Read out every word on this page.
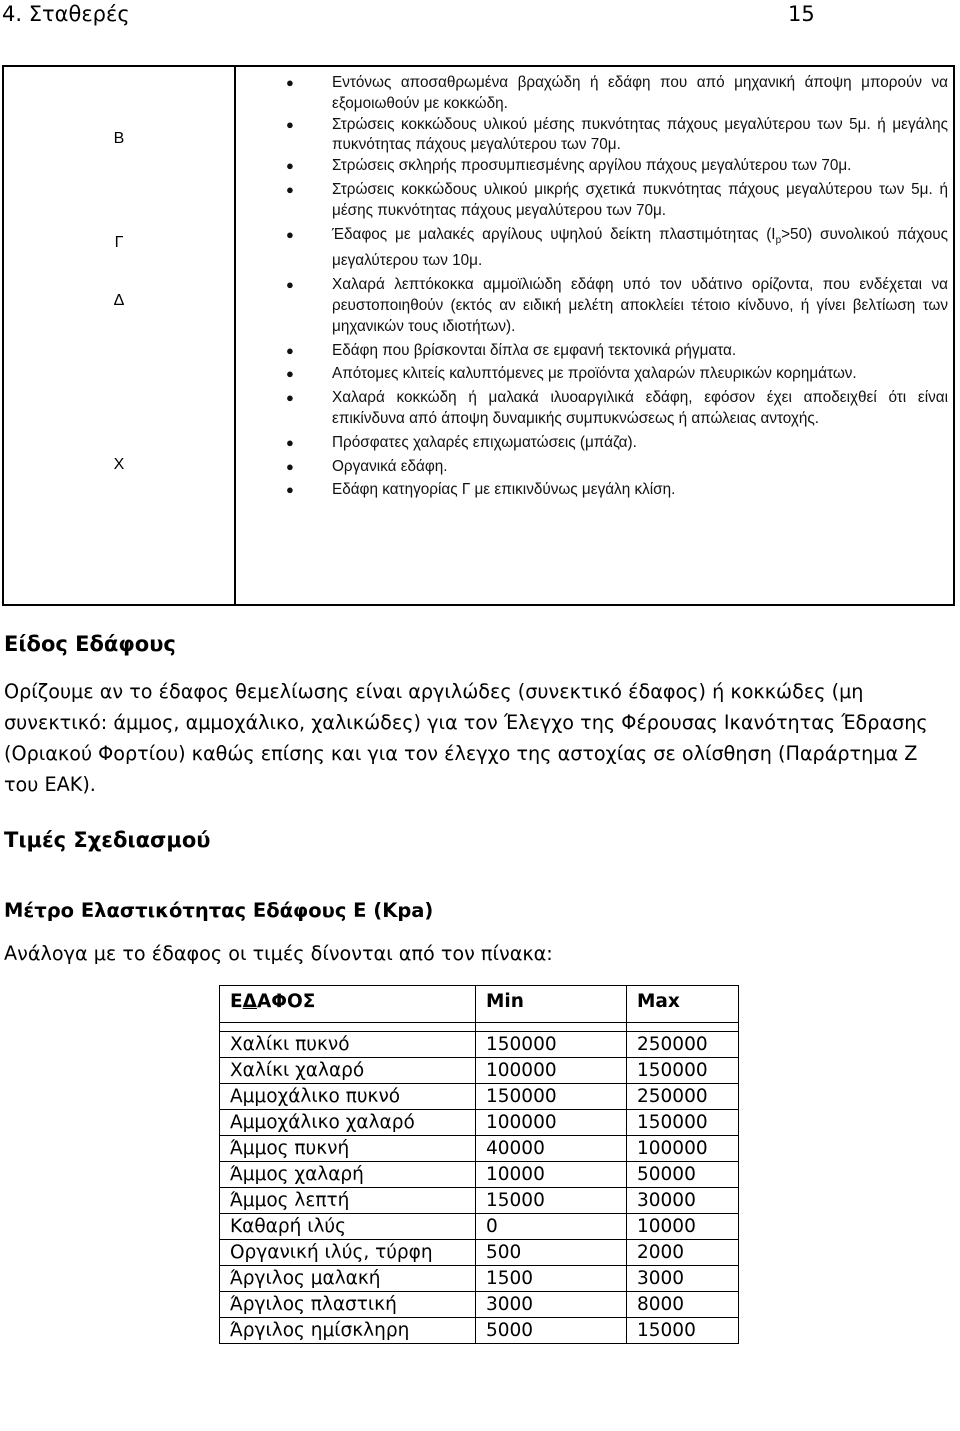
4. Σταθερές	15
Β
Γ
Δ
Χ
● Εντόνως αποσαθρωμένα βραχώδη ή εδάφη που από μηχανική άποψη μπορούν να εξομοιωθούν με κοκκώδη.
● Στρώσεις κοκκώδους υλικού μέσης πυκνότητας πάχους μεγαλύτερου των 5μ. ή μεγάλης πυκνότητας πάχους μεγαλύτερου των 70μ.
● Στρώσεις σκληρής προσυμπιεσμένης αργίλου πάχους μεγαλύτερου των 70μ.
● Στρώσεις κοκκώδους υλικού μικρής σχετικά πυκνότητας πάχους μεγαλύτερου των 5μ. ή μέσης πυκνότητας πάχους μεγαλύτερου των 70μ.
● Έδαφος με μαλακές αργίλους υψηλού δείκτη πλαστιμότητας $(I_p>50)$ συνολικού πάχους μεγαλύτερου των 10μ.
● Χαλαρά λεπτόκοκκα αμμοϊλιώδη εδάφη υπό τον υδάτινο ορίζοντα, που ενδέχεται να ρευστοποιηθούν (εκτός αν ειδική μελέτη αποκλείει τέτοιο κίνδυνο, ή γίνει βελτίωση των μηχανικών τους ιδιοτήτων).
● Εδάφη που βρίσκονται δίπλα σε εμφανή τεκτονικά ρήγματα.
● Απότομες κλιτείς καλυπτόμενες με προϊόντα χαλαρών πλευρικών κορημάτων.
● Χαλαρά κοκκώδη ή μαλακά ιλυοαργιλικά εδάφη, εφόσον έχει αποδειχθεί ότι είναι επικίνδυνα από άποψη δυναμικής συμπυκνώσεως ή απώλειας αντοχής.
● Πρόσφατες χαλαρές επιχωματώσεις (μπάζα).
● Οργανικά εδάφη.
● Εδάφη κατηγορίας Γ με επικινδύνως μεγάλη κλίση.
Είδος Εδάφους

Ορίζουμε αν το έδαφος θεμελίωσης είναι αργιλώδες (συνεκτικό έδαφος) ή κοκκώδες (μη συνεκτικό: άμμος, αμμοχάλικο, χαλικώδες) για τον Έλεγχο της Φέρουσας Ικανότητας Έδρασης (Οριακού Φορτίου) καθώς επίσης και για τον έλεγχο της αστοχίας σε ολίσθηση (Παράρτημα Ζ του ΕΑΚ).

Τιμές Σχεδιασμού
Μέτρο Ελαστικότητας Εδάφους Ε (Kpa)
Ανάλογα με το έδαφος οι τιμές δίνονται από τον πίνακα:
ΕΔΑΦΟΣ	Min	Max

Χαλίκι πυκνό	150000	250000
Χαλίκι χαλαρό	100000	150000
Αμμοχάλικο πυκνό	150000	250000
Αμμοχάλικο χαλαρό	100000	150000
Άμμος πυκνή	40000	100000
Άμμος χαλαρή	10000	50000
Άμμος λεπτή	15000	30000
Καθαρή ιλύς	0	10000
Οργανική ιλύς, τύρφη	500	2000
Άργιλος μαλακή	1500	3000
Άργιλος πλαστική	3000	8000
Άργιλος ημίσκληρη	5000	15000
